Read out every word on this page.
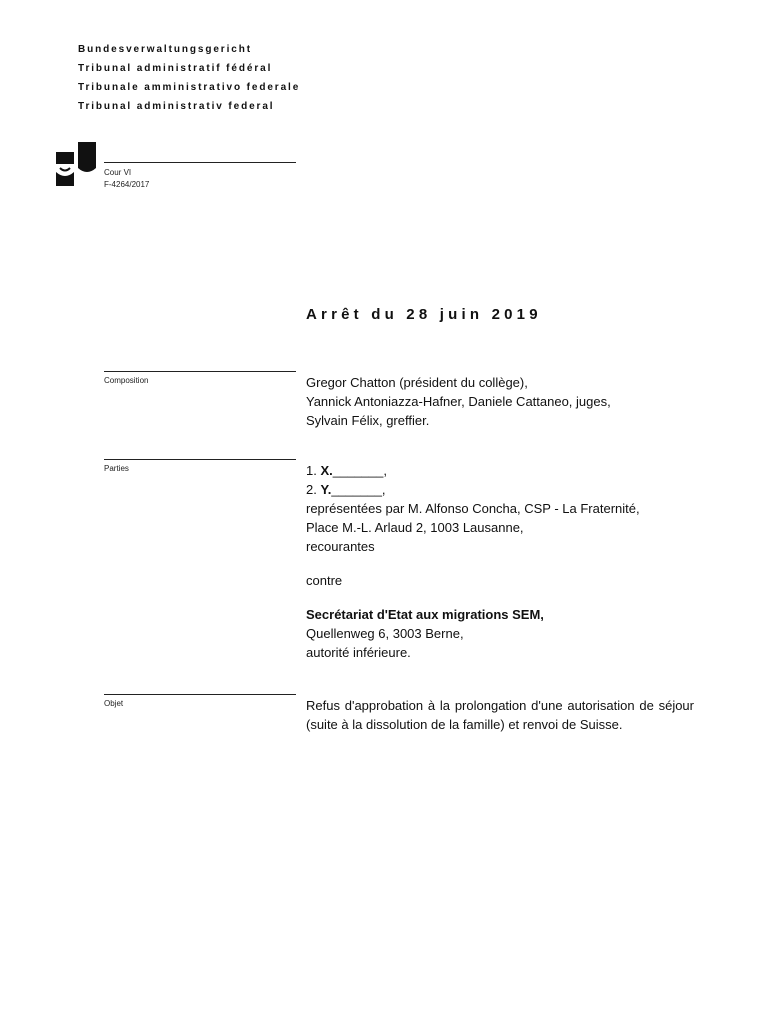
Bundesverwaltungsgericht
Tribunal administratif fédéral
Tribunale amministrativo federale
Tribunal administrativ federal
Cour VI
F-4264/2017
Arrêt du 28 juin 2019
Composition	Gregor Chatton (président du collège),
Yannick Antoniazza-Hafner, Daniele Cattaneo, juges,
Sylvain Félix, greffier.
Parties	1. X._______,
2. Y._______,
représentées par M. Alfonso Concha, CSP - La Fraternité,
Place M.-L. Arlaud 2, 1003 Lausanne,
recourantes
contre
Secrétariat d'Etat aux migrations SEM,
Quellenweg 6, 3003 Berne,
autorité inférieure.
Objet	Refus d'approbation à la prolongation d'une autorisation de séjour (suite à la dissolution de la famille) et renvoi de Suisse.
